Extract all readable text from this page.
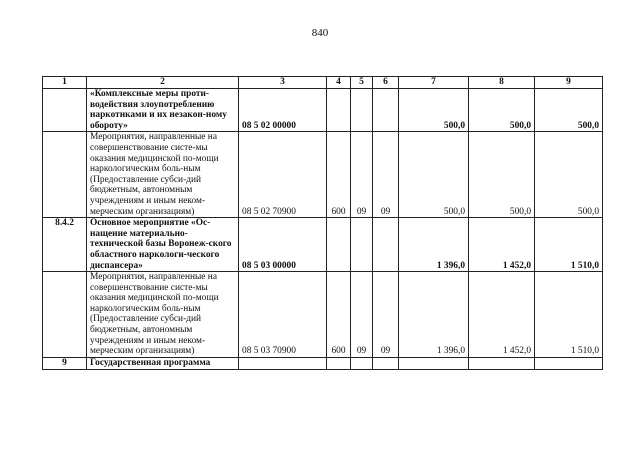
840
1	2	3	4	5	6	7	8	9
	«Комплексные меры проти-водействия злоупотреблению наркотиками и их незакон-ному обороту»	08 5 02 00000				500,0	500,0	500,0
	Мероприятия, направленные на совершенствование систе-мы оказания медицинской по-мощи наркологическим боль-ным (Предоставление субси-дий бюджетным, автономным учреждениям и иным неком-мерческим организациям)	08 5 02 70900	600	09	09	500,0	500,0	500,0
8.4.2	Основное мероприятие «Ос-нащение материально-технической базы Воронеж-ского областного наркологи-ческого диспансера»	08 5 03 00000				1 396,0	1 452,0	1 510,0
	Мероприятия, направленные на совершенствование систе-мы оказания медицинской по-мощи наркологическим боль-ным (Предоставление субси-дий бюджетным, автономным учреждениям и иным неком-мерческим организациям)	08 5 03 70900	600	09	09	1 396,0	1 452,0	1 510,0
9	Государственная программа							
